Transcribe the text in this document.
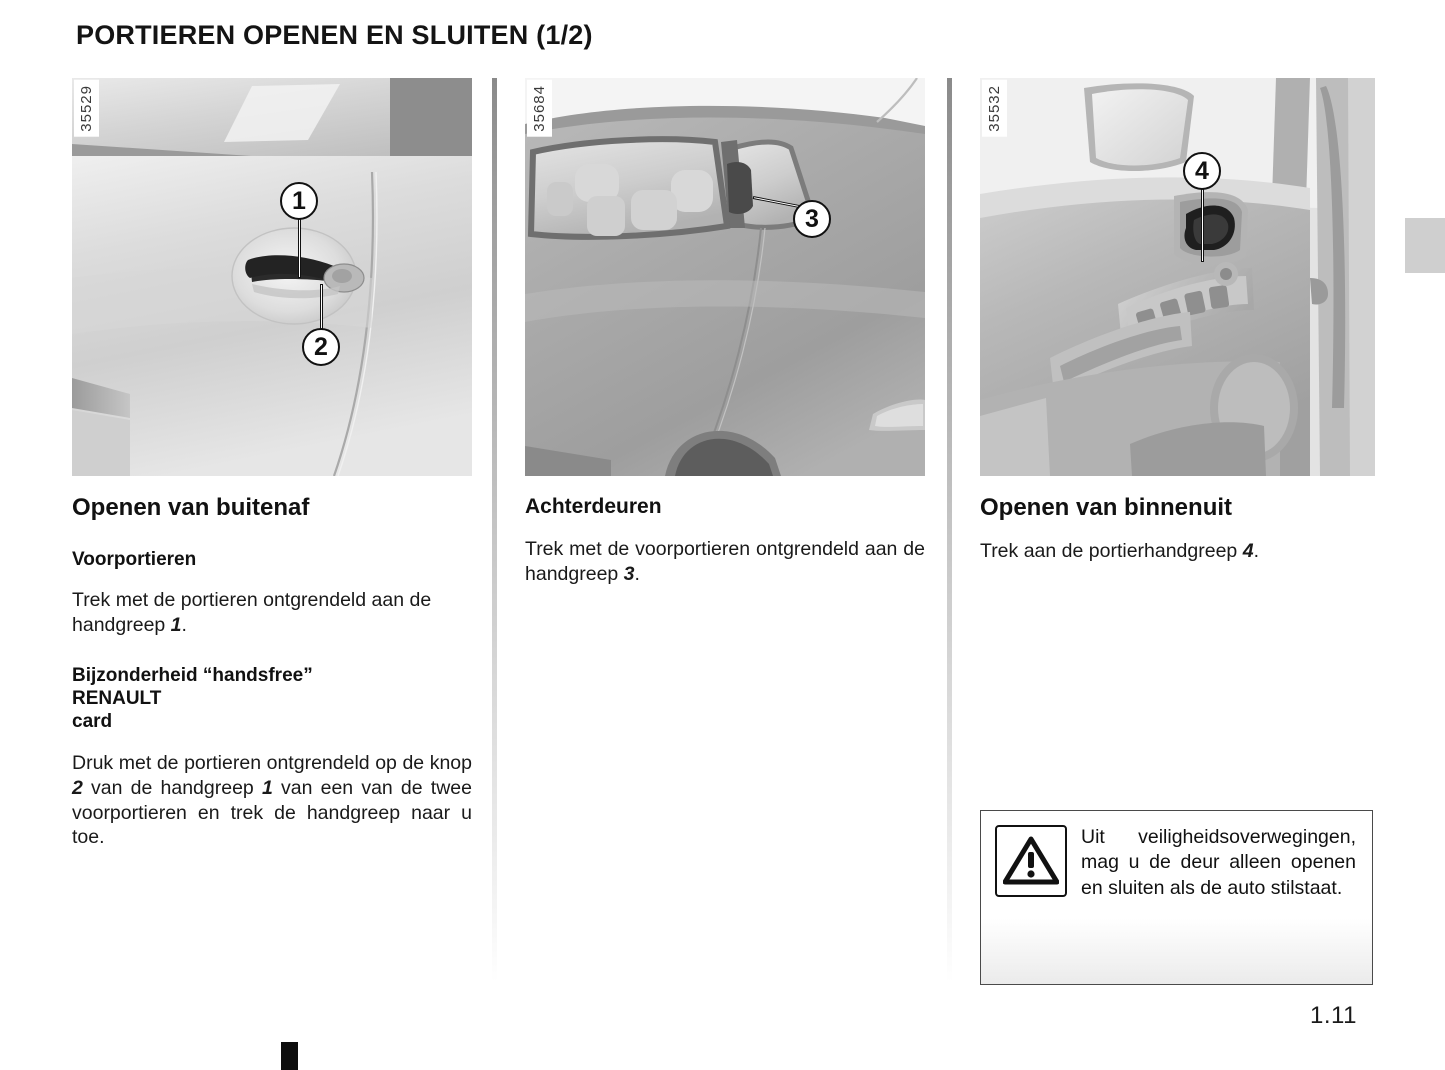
PORTIEREN OPENEN EN SLUITEN (1/2)
35529
1
2
Openen van buitenaf
Voorportieren

Trek met de portieren ontgrendeld aan de handgreep 1.

Bijzonderheid “handsfree”
RENAULT
card

Druk met de portieren ontgrendeld op de knop 2 van de handgreep 1 van een van de twee voorportieren en trek de handgreep naar u toe.

35684
3
Achterdeuren

Trek met de voorportieren ontgrendeld aan de handgreep 3.

35532
4
Openen van binnenuit

Trek aan de portierhandgreep 4.

Uit veiligheidsoverwegingen, mag u de deur alleen openen en sluiten als de auto stilstaat.
1.11
